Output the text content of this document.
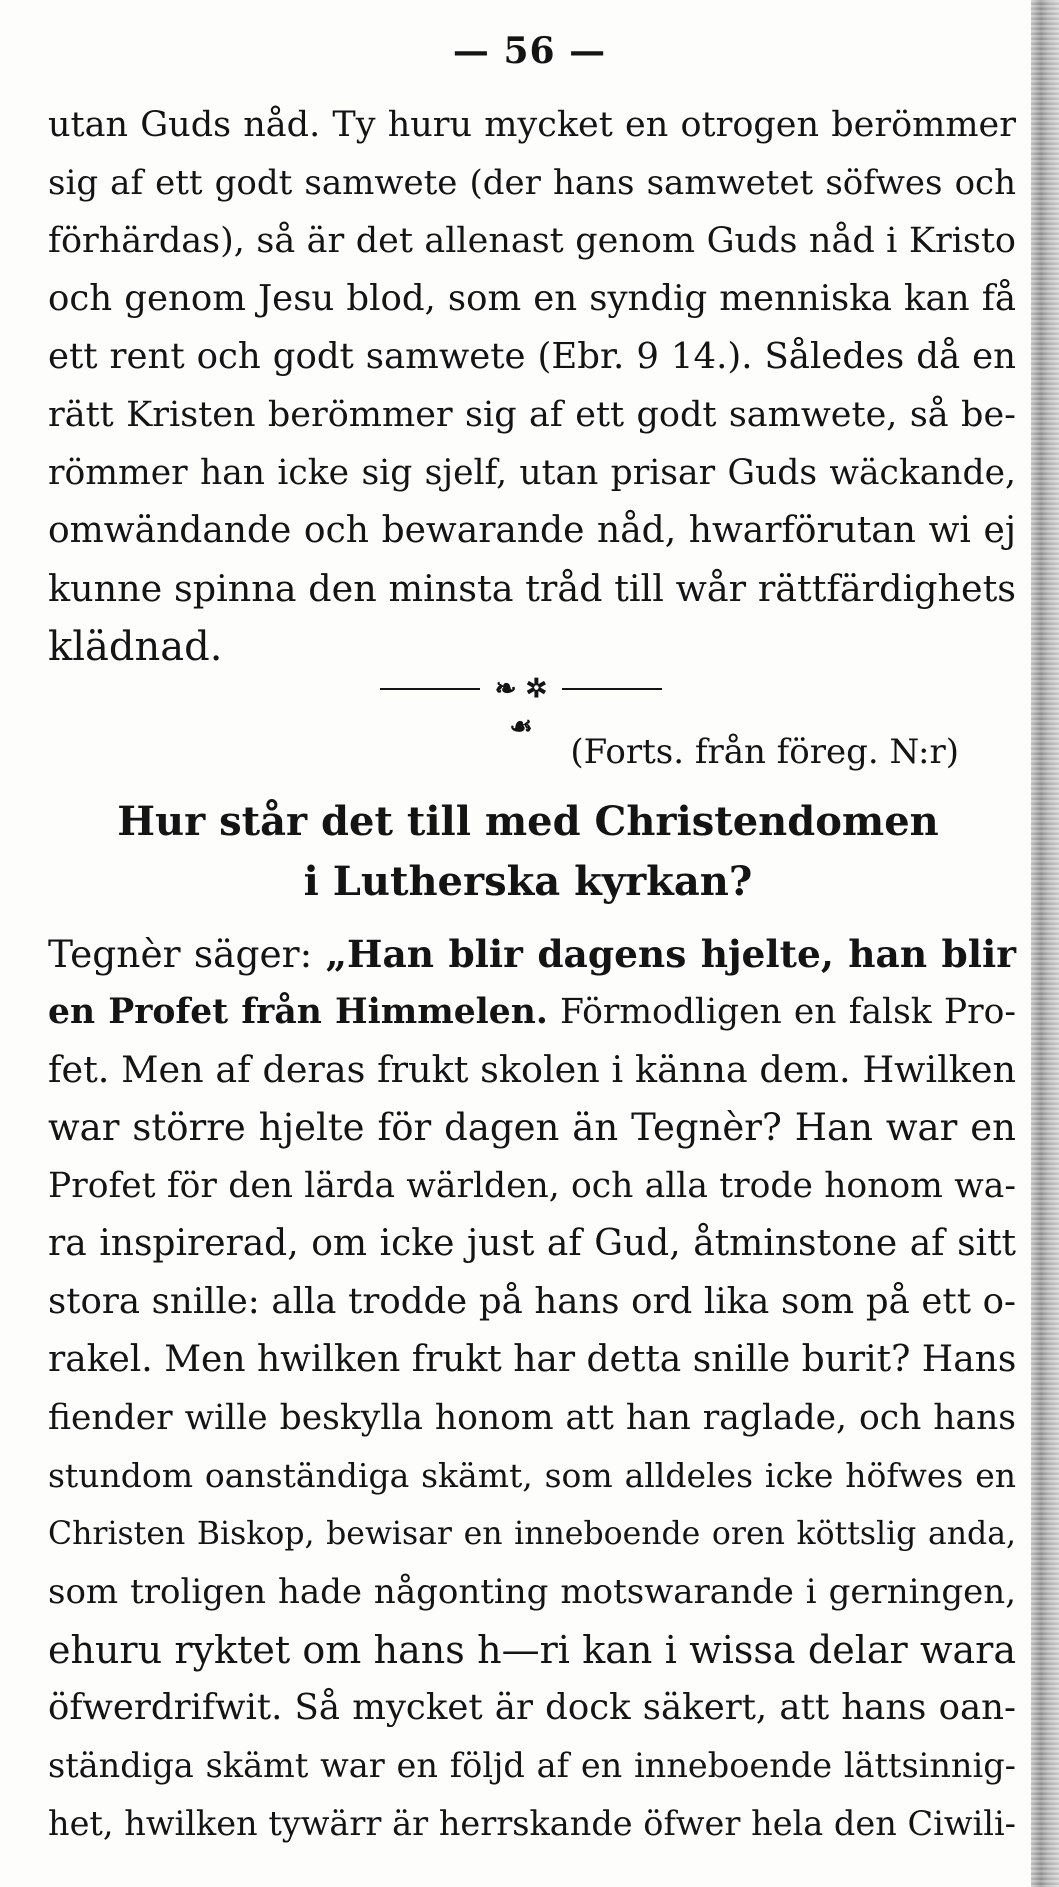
— 56 —
utan Guds nåd. Ty huru mycket en otrogen berömmer
sig af ett godt samwete (der hans samwetet söfwes och
förhärdas), så är det allenast genom Guds nåd i Kristo
och genom Jesu blod, som en syndig menniska kan få
ett rent och godt samwete (Ebr. 9 14.). Således då en
rätt Kristen berömmer sig af ett godt samwete, så be-
römmer han icke sig sjelf, utan prisar Guds wäckande,
omwändande och bewarande nåd, hwarförutan wi ej
kunne spinna den minsta tråd till wår rättfärdighets
klädnad.
❧ ✲ ☙
(Forts. från föreg. N:r)
Hur står det till med Christendomen
i Lutherska kyrkan?
Tegnèr säger: „Han blir dagens hjelte, han blir
en Profet från Himmelen. Förmodligen en falsk Pro-
fet. Men af deras frukt skolen i känna dem. Hwilken
war större hjelte för dagen än Tegnèr? Han war en
Profet för den lärda wärlden, och alla trode honom wa-
ra inspirerad, om icke just af Gud, åtminstone af sitt
stora snille: alla trodde på hans ord lika som på ett o-
rakel. Men hwilken frukt har detta snille burit? Hans
fiender wille beskylla honom att han raglade, och hans
stundom oanständiga skämt, som alldeles icke höfwes en
Christen Biskop, bewisar en inneboende oren köttslig anda,
som troligen hade någonting motswarande i gerningen,
ehuru ryktet om hans h—ri kan i wissa delar wara
öfwerdrifwit. Så mycket är dock säkert, att hans oan-
ständiga skämt war en följd af en inneboende lättsinnig-
het, hwilken tywärr är herrskande öfwer hela den Ciwili-
